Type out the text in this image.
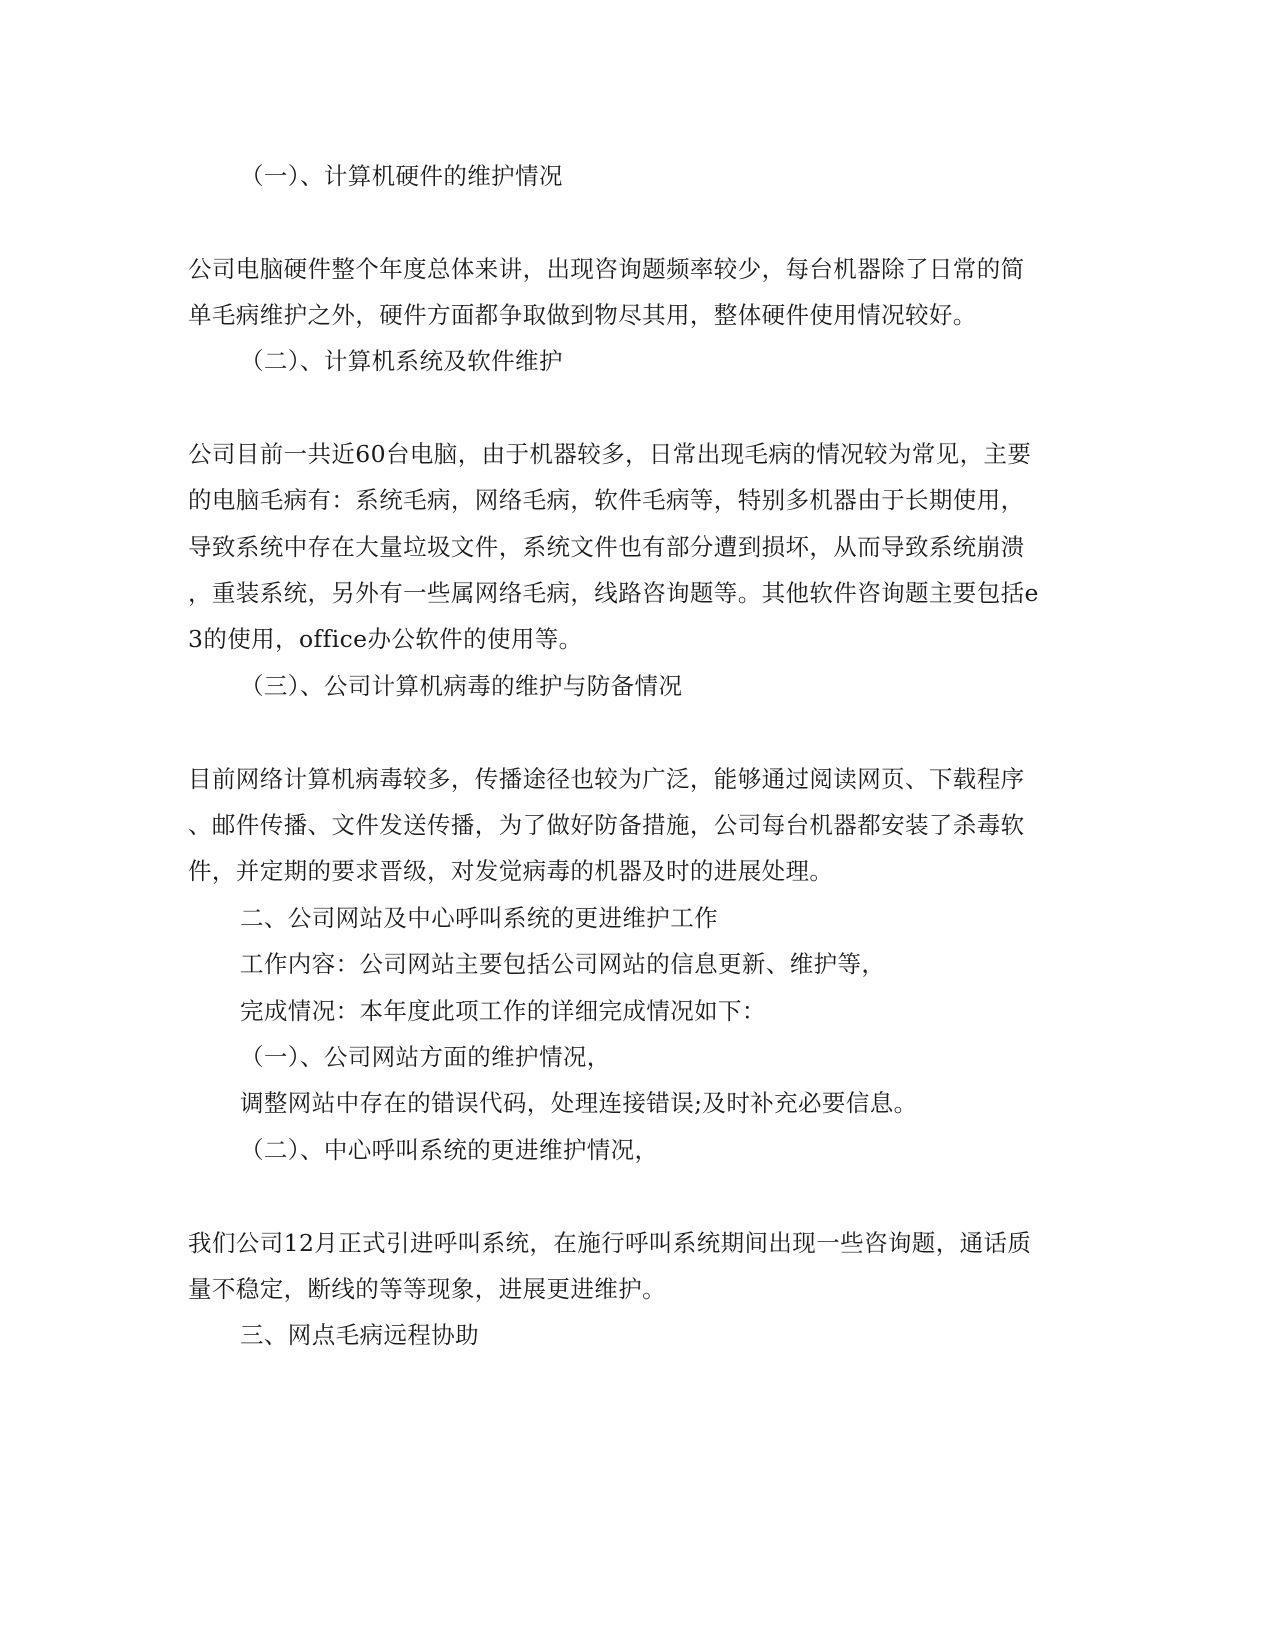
（一）、计算机硬件的维护情况
公司电脑硬件整个年度总体来讲，出现咨询题频率较少，每台机器除了日常的简
单毛病维护之外，硬件方面都争取做到物尽其用，整体硬件使用情况较好。
（二）、计算机系统及软件维护
公司目前一共近60台电脑，由于机器较多，日常出现毛病的情况较为常见，主要
的电脑毛病有：系统毛病，网络毛病，软件毛病等，特别多机器由于长期使用，
导致系统中存在大量垃圾文件，系统文件也有部分遭到损坏，从而导致系统崩溃
，重装系统，另外有一些属网络毛病，线路咨询题等。其他软件咨询题主要包括e
3的使用，office办公软件的使用等。
（三）、公司计算机病毒的维护与防备情况
目前网络计算机病毒较多，传播途径也较为广泛，能够通过阅读网页、下载程序
、邮件传播、文件发送传播，为了做好防备措施，公司每台机器都安装了杀毒软
件，并定期的要求晋级，对发觉病毒的机器及时的进展处理。
二、公司网站及中心呼叫系统的更进维护工作
工作内容：公司网站主要包括公司网站的信息更新、维护等，
完成情况：本年度此项工作的详细完成情况如下：
（一）、公司网站方面的维护情况，
调整网站中存在的错误代码，处理连接错误;及时补充必要信息。
（二）、中心呼叫系统的更进维护情况，
我们公司12月正式引进呼叫系统，在施行呼叫系统期间出现一些咨询题，通话质
量不稳定，断线的等等现象，进展更进维护。
三、网点毛病远程协助
